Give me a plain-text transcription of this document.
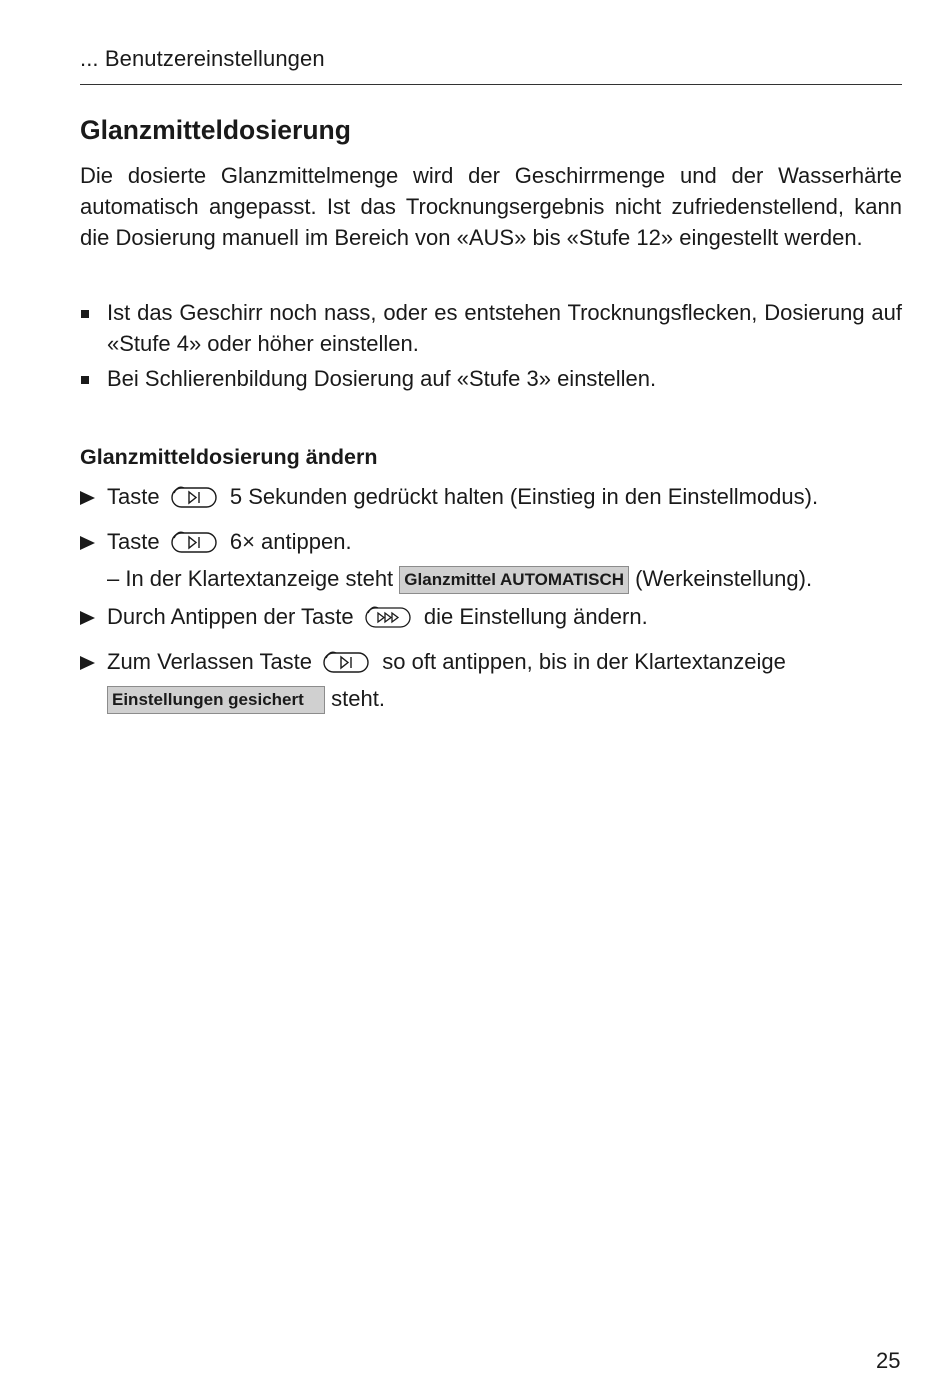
... Benutzereinstellungen
Glanzmitteldosierung

Die dosierte Glanzmittelmenge wird der Geschirrmenge und der Wasserhärte automatisch angepasst. Ist das Trocknungsergebnis nicht zufriedenstellend, kann die Dosierung manuell im Bereich von «AUS» bis «Stufe 12» eingestellt werden.

Ist das Geschirr noch nass, oder es entstehen Trocknungsflecken, Dosierung auf «Stufe 4» oder höher einstellen.
Bei Schlierenbildung Dosierung auf «Stufe 3» einstellen.
Glanzmitteldosierung ändern
Taste	5 Sekunden gedrückt halten (Einstieg in den Einstellmodus).
Taste	6× antippen.
– In der Klartextanzeige steht Glanzmittel AUTOMATISCH (Werkeinstellung).
Durch Antippen der Taste	die Einstellung ändern.
Zum Verlassen Taste	so oft antippen, bis in der Klartextanzeige
Einstellungen gesichert steht.
25
